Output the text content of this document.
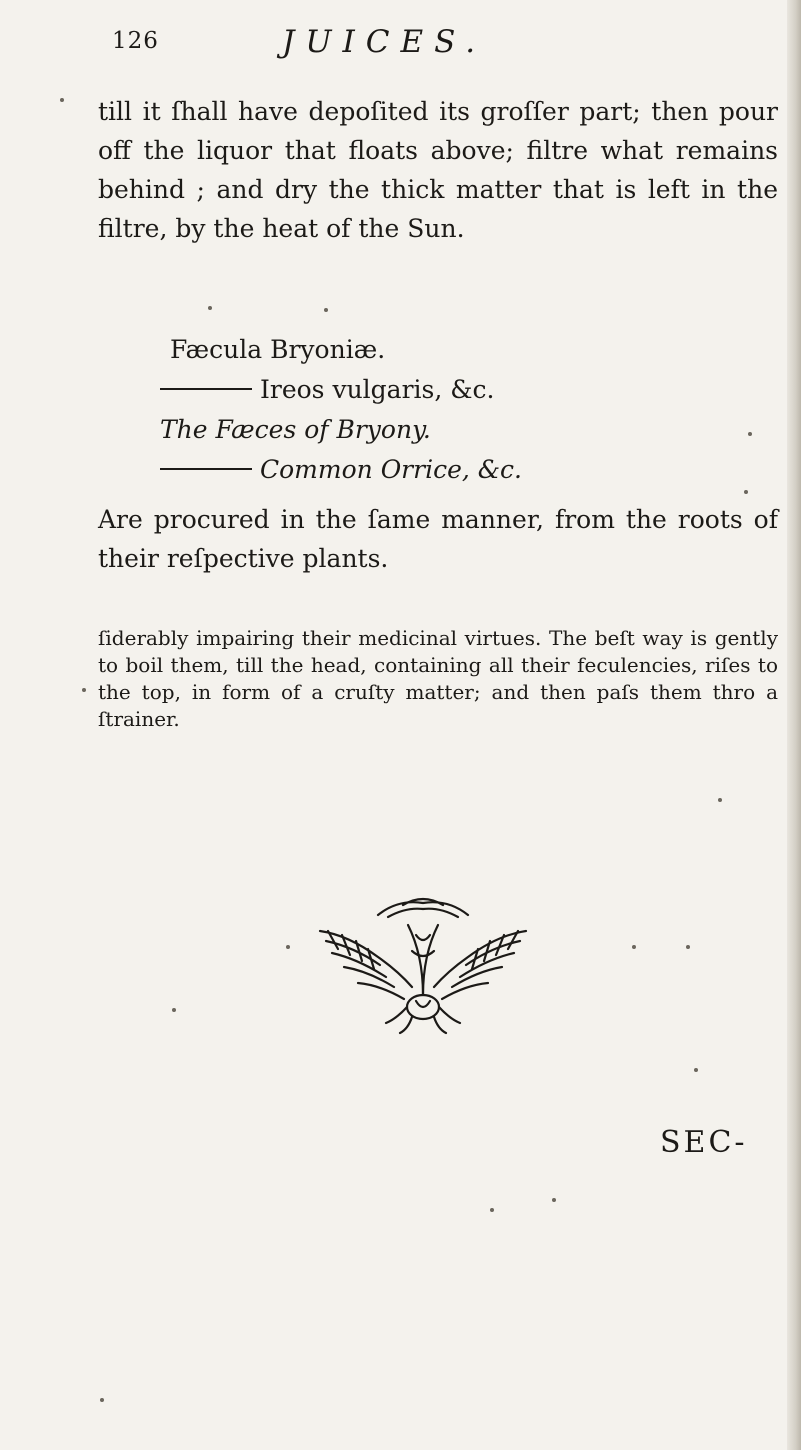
126	JUICES.

till it ſhall have depoſited its groſſer part; then pour off the liquor that floats above; filtre what remains behind ; and dry the thick matter that is left in the filtre, by the heat of the Sun.

Fæcula Bryoniæ.
Ireos vulgaris, &c.
The Fæces of Bryony.
Common Orrice, &c.

Are procured in the ſame manner, from the roots of their reſpective plants.

ſiderably impairing their medicinal virtues. The beſt way is gently to boil them, till the head, containing all their feculencies, riſes to the top, in form of a cruſty matter; and then paſs them thro a ſtrainer.

SEC-
